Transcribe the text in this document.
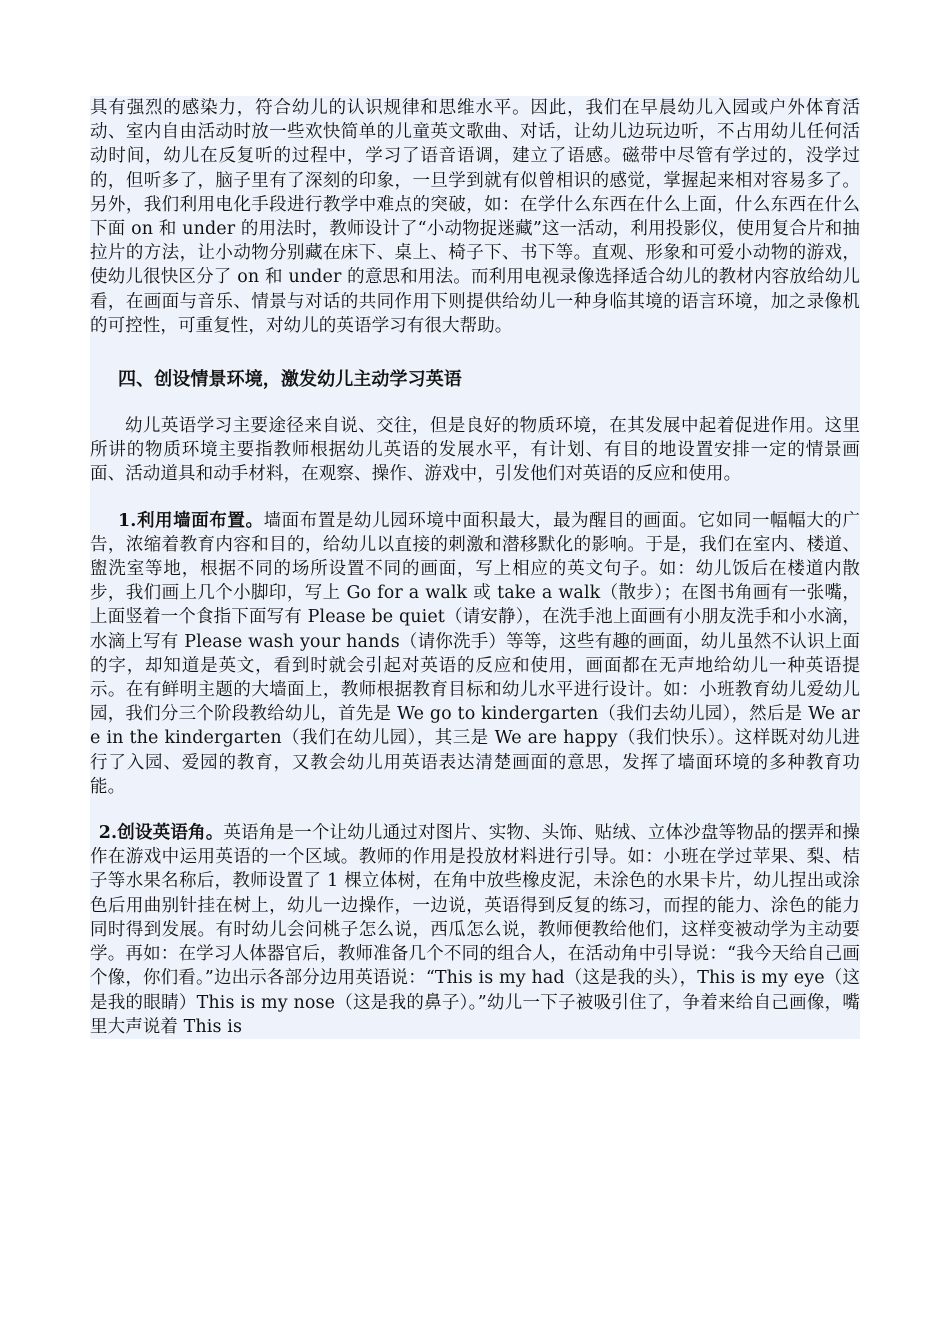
具有强烈的感染力，符合幼儿的认识规律和思维水平。因此，我们在早晨幼儿入园或户外体育活动、室内自由活动时放一些欢快简单的儿童英文歌曲、对话，让幼儿边玩边听，不占用幼儿任何活动时间，幼儿在反复听的过程中，学习了语音语调，建立了语感。磁带中尽管有学过的，没学过的，但听多了，脑子里有了深刻的印象，一旦学到就有似曾相识的感觉，掌握起来相对容易多了。另外，我们利用电化手段进行教学中难点的突破，如：在学什么东西在什么上面，什么东西在什么下面 on 和 under 的用法时，教师设计了“小动物捉迷藏”这一活动，利用投影仪，使用复合片和抽拉片的方法，让小动物分别藏在床下、桌上、椅子下、书下等。直观、形象和可爱小动物的游戏，使幼儿很快区分了 on 和 under 的意思和用法。而利用电视录像选择适合幼儿的教材内容放给幼儿看，在画面与音乐、情景与对话的共同作用下则提供给幼儿一种身临其境的语言环境，加之录像机的可控性，可重复性，对幼儿的英语学习有很大帮助。

四、创设情景环境，激发幼儿主动学习英语

幼儿英语学习主要途径来自说、交往，但是良好的物质环境，在其发展中起着促进作用。这里所讲的物质环境主要指教师根据幼儿英语的发展水平，有计划、有目的地设置安排一定的情景画面、活动道具和动手材料，在观察、操作、游戏中，引发他们对英语的反应和使用。

1.利用墙面布置。墙面布置是幼儿园环境中面积最大，最为醒目的画面。它如同一幅幅大的广告，浓缩着教育内容和目的，给幼儿以直接的刺激和潜移默化的影响。于是，我们在室内、楼道、盥洗室等地，根据不同的场所设置不同的画面，写上相应的英文句子。如：幼儿饭后在楼道内散步，我们画上几个小脚印，写上 Go for a walk 或 take a walk（散步）；在图书角画有一张嘴，上面竖着一个食指下面写有 Please be quiet（请安静），在洗手池上面画有小朋友洗手和小水滴，水滴上写有 Please wash your hands（请你洗手）等等，这些有趣的画面，幼儿虽然不认识上面的字，却知道是英文，看到时就会引起对英语的反应和使用，画面都在无声地给幼儿一种英语提示。在有鲜明主题的大墙面上，教师根据教育目标和幼儿水平进行设计。如：小班教育幼儿爱幼儿园，我们分三个阶段教给幼儿，首先是 We go to kindergarten（我们去幼儿园），然后是 We are in the kindergarten（我们在幼儿园），其三是 We are happy（我们快乐）。这样既对幼儿进行了入园、爱园的教育，又教会幼儿用英语表达清楚画面的意思，发挥了墙面环境的多种教育功能。

2.创设英语角。英语角是一个让幼儿通过对图片、实物、头饰、贴绒、立体沙盘等物品的摆弄和操作在游戏中运用英语的一个区域。教师的作用是投放材料进行引导。如：小班在学过苹果、梨、桔子等水果名称后，教师设置了 1 棵立体树，在角中放些橡皮泥，未涂色的水果卡片，幼儿捏出或涂色后用曲别针挂在树上，幼儿一边操作，一边说，英语得到反复的练习，而捏的能力、涂色的能力同时得到发展。有时幼儿会问桃子怎么说，西瓜怎么说，教师便教给他们，这样变被动学为主动要学。再如：在学习人体器官后，教师准备几个不同的组合人，在活动角中引导说：“我今天给自己画个像，你们看。”边出示各部分边用英语说：“This is my had（这是我的头），This is my eye（这是我的眼睛）This is my nose（这是我的鼻子）。”幼儿一下子被吸引住了，争着来给自己画像，嘴里大声说着 This is
